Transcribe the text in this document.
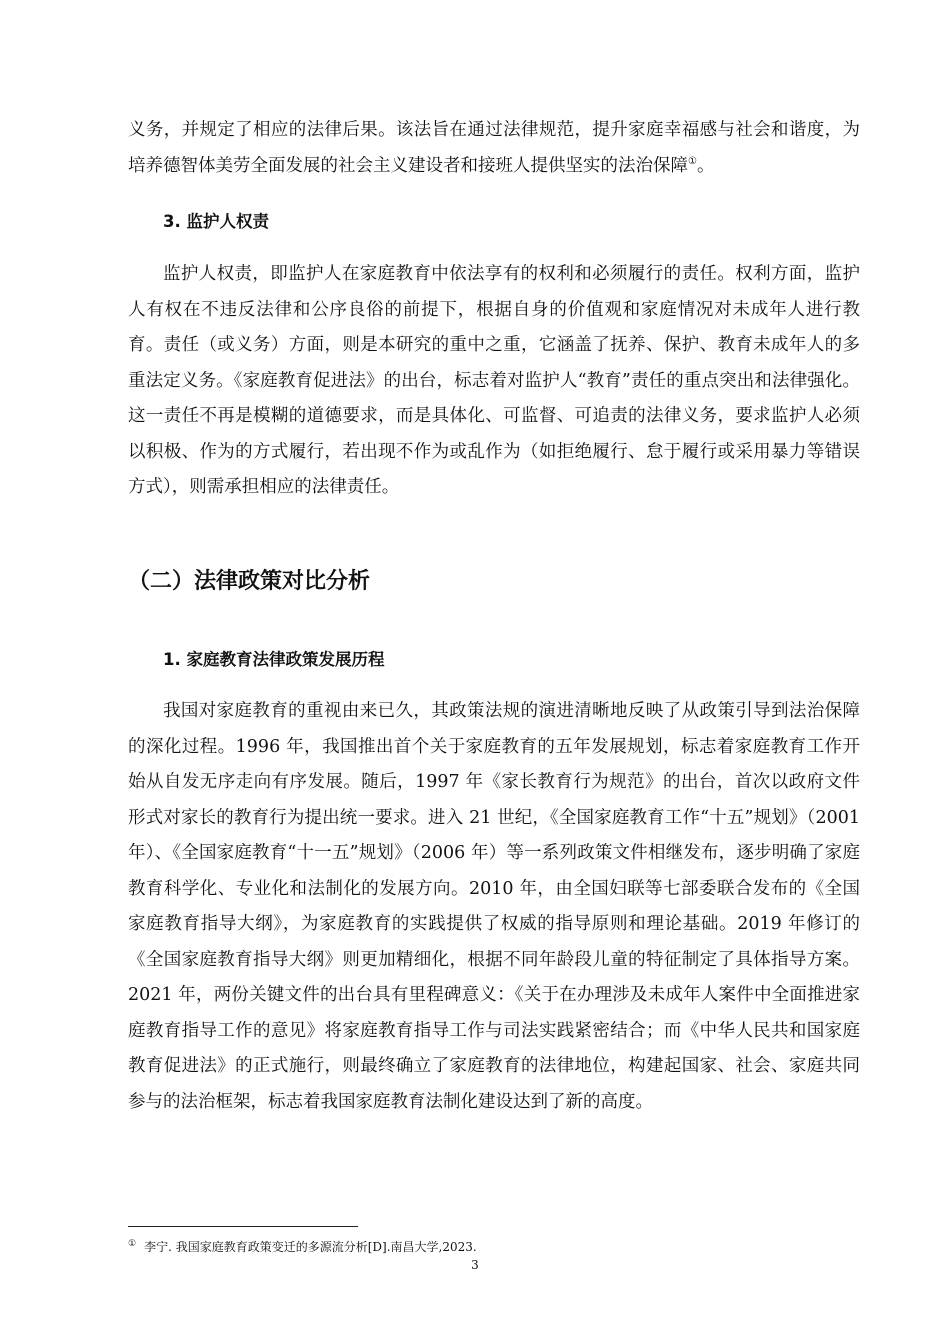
义务，并规定了相应的法律后果。该法旨在通过法律规范，提升家庭幸福感与社会和谐度，为培养德智体美劳全面发展的社会主义建设者和接班人提供坚实的法治保障①。

3. 监护人权责

监护人权责，即监护人在家庭教育中依法享有的权利和必须履行的责任。权利方面，监护人有权在不违反法律和公序良俗的前提下，根据自身的价值观和家庭情况对未成年人进行教育。责任（或义务）方面，则是本研究的重中之重，它涵盖了抚养、保护、教育未成年人的多重法定义务。《家庭教育促进法》的出台，标志着对监护人“教育”责任的重点突出和法律强化。这一责任不再是模糊的道德要求，而是具体化、可监督、可追责的法律义务，要求监护人必须以积极、作为的方式履行，若出现不作为或乱作为（如拒绝履行、怠于履行或采用暴力等错误方式），则需承担相应的法律责任。

（二）法律政策对比分析
1. 家庭教育法律政策发展历程

我国对家庭教育的重视由来已久，其政策法规的演进清晰地反映了从政策引导到法治保障的深化过程。1996 年，我国推出首个关于家庭教育的五年发展规划，标志着家庭教育工作开始从自发无序走向有序发展。随后，1997 年《家长教育行为规范》的出台，首次以政府文件形式对家长的教育行为提出统一要求。进入 21 世纪，《全国家庭教育工作“十五”规划》（2001 年）、《全国家庭教育“十一五”规划》（2006 年）等一系列政策文件相继发布，逐步明确了家庭教育科学化、专业化和法制化的发展方向。2010 年，由全国妇联等七部委联合发布的《全国家庭教育指导大纲》，为家庭教育的实践提供了权威的指导原则和理论基础。2019 年修订的《全国家庭教育指导大纲》则更加精细化，根据不同年龄段儿童的特征制定了具体指导方案。2021 年，两份关键文件的出台具有里程碑意义：《关于在办理涉及未成年人案件中全面推进家庭教育指导工作的意见》将家庭教育指导工作与司法实践紧密结合；而《中华人民共和国家庭教育促进法》的正式施行，则最终确立了家庭教育的法律地位，构建起国家、社会、家庭共同参与的法治框架，标志着我国家庭教育法制化建设达到了新的高度。

① 李宁. 我国家庭教育政策变迁的多源流分析[D].南昌大学,2023.

3
